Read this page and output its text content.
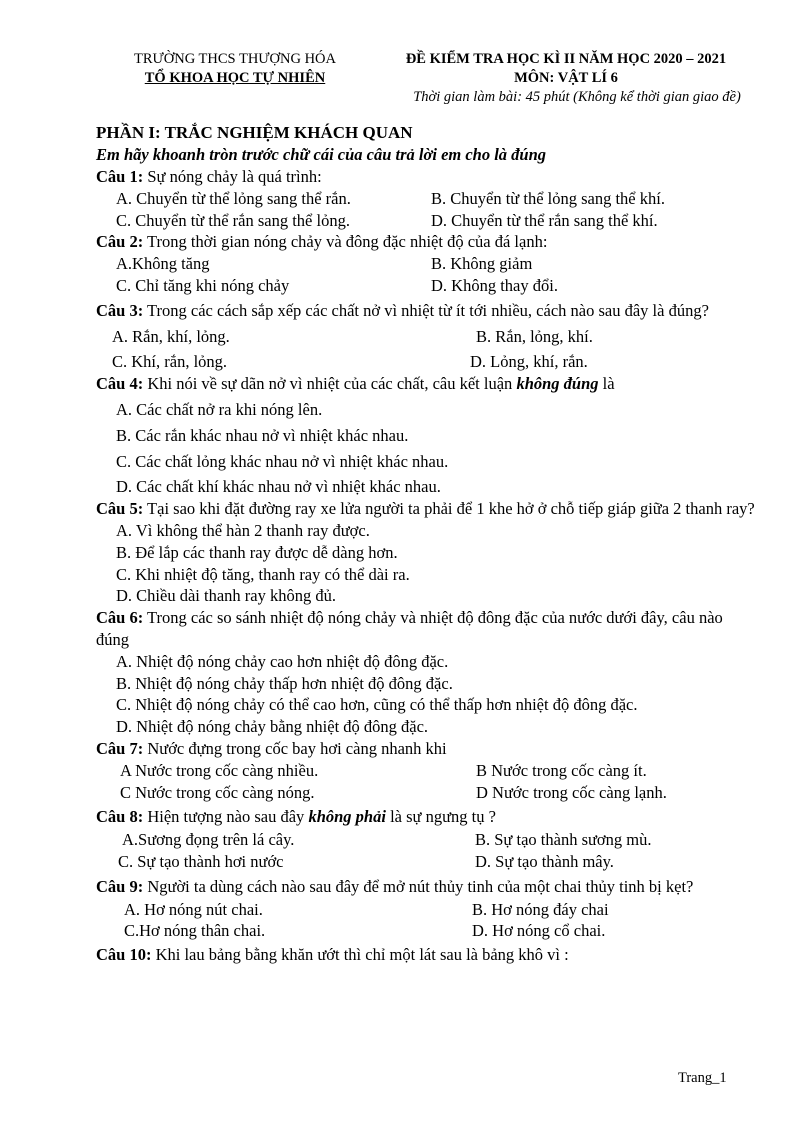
TRƯỜNG THCS THƯỢNG HÓA
TỔ KHOA HỌC TỰ NHIÊN
ĐỀ KIỂM TRA HỌC KÌ II NĂM HỌC 2020 – 2021
MÔN: VẬT LÍ 6
Thời gian làm bài: 45 phút (Không kể thời gian giao đề)
PHẦN I: TRẮC NGHIỆM KHÁCH QUAN
Em hãy khoanh tròn trước chữ cái của câu trả lời em cho là đúng
Câu 1: Sự nóng chảy là quá trình:
A. Chuyển từ thể lỏng sang thể rắn.	B. Chuyển từ thể lỏng sang thể khí.
C. Chuyển từ thể rắn sang thể lỏng.	D. Chuyển từ thể rắn sang thể khí.
Câu 2: Trong thời gian nóng chảy và đông đặc nhiệt độ của đá lạnh:
A.Không tăng	B. Không giảm
C. Chỉ tăng khi nóng chảy	D. Không thay đổi.
Câu 3: Trong các cách sắp xếp các chất nở vì nhiệt từ ít tới nhiều, cách nào sau đây là đúng?
A. Rắn, khí, lỏng.	B. Rắn, lỏng, khí.
C. Khí, rắn, lỏng.	D. Lỏng, khí, rắn.
Câu 4: Khi nói về sự dãn nở vì nhiệt của các chất, câu kết luận không đúng là
A. Các chất nở ra khi nóng lên.
B. Các rắn khác nhau nở vì nhiệt khác nhau.
C. Các chất lỏng khác nhau nở vì nhiệt khác nhau.
D. Các chất khí khác nhau nở vì nhiệt khác nhau.
Câu 5: Tại sao khi đặt đường ray xe lửa người ta phải để 1 khe hở ở chỗ tiếp giáp giữa 2 thanh ray?
A. Vì không thể hàn 2 thanh ray được.
B. Để lắp các thanh ray được dễ dàng hơn.
C. Khi nhiệt độ tăng, thanh ray có thể dài ra.
D. Chiều dài thanh ray không đủ.
Câu 6: Trong các so sánh nhiệt độ nóng chảy và nhiệt độ đông đặc của nước dưới đây, câu nào đúng
A. Nhiệt độ nóng chảy cao hơn nhiệt độ đông đặc.
B. Nhiệt độ nóng chảy thấp hơn nhiệt độ đông đặc.
C. Nhiệt độ nóng chảy có thể cao hơn, cũng có thể thấp hơn nhiệt độ đông đặc.
D. Nhiệt độ nóng chảy bằng nhiệt độ đông đặc.
Câu 7: Nước đựng trong cốc bay hơi càng nhanh khi
A Nước trong cốc càng nhiều.	B Nước trong cốc càng ít.
C Nước trong cốc càng nóng.	D Nước trong cốc càng lạnh.
Câu 8: Hiện tượng nào sau đây không phải là sự ngưng tụ ?
A.Sương đọng trên lá cây.	B. Sự tạo thành sương mù.
C. Sự tạo thành hơi nước	D. Sự tạo thành mây.
Câu 9: Người ta dùng cách nào sau đây để mở nút thủy tinh của một chai thủy tinh bị kẹt?
A. Hơ nóng nút chai.	B. Hơ nóng đáy chai
C.Hơ nóng thân chai.	D. Hơ nóng cổ chai.
Câu 10: Khi lau bảng bằng khăn ướt thì chỉ một lát sau là bảng khô vì :
Trang_1
